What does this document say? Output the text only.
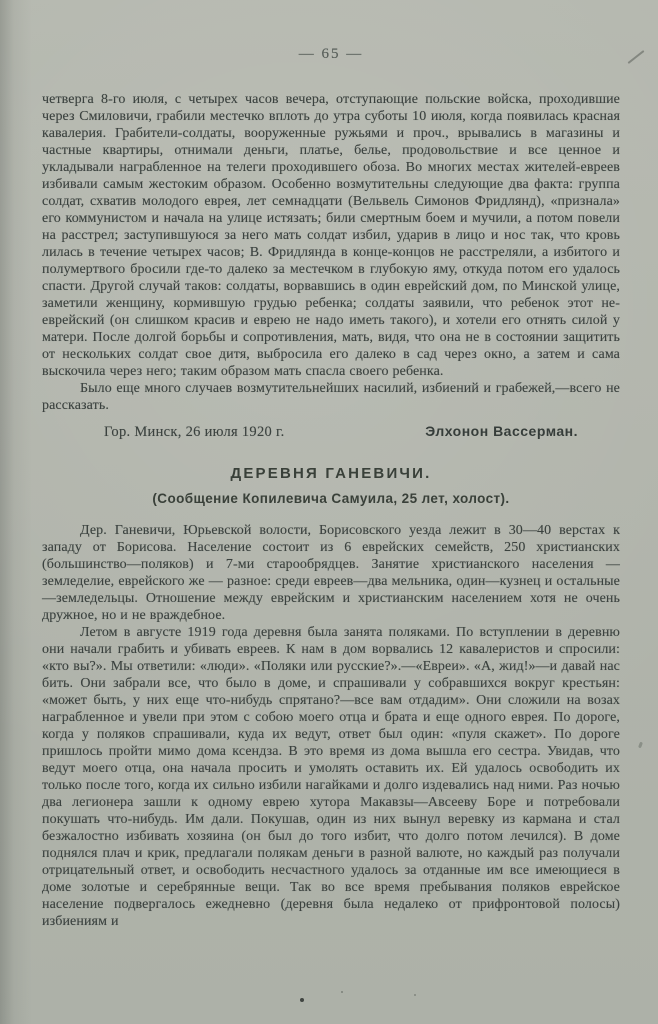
— 65 —

четверга 8-го июля, с четырех часов вечера, отступающие польские войска, проходившие через Смиловичи, грабили местечко вплоть до утра суботы 10 июля, когда появилась красная кавалерия. Грабители-солдаты, вооруженные ружьями и проч., врывались в магазины и частные квартиры, отнимали деньги, платье, белье, продовольствие и все ценное и укладывали награбленное на телеги проходившего обоза. Во многих местах жителей-евреев избивали самым жестоким образом. Особенно возмутительны следующие два факта: группа солдат, схватив молодого еврея, лет семнадцати (Вельвель Симонов Фридлянд), «признала» его коммунистом и начала на улице истязать; били смертным боем и мучили, а потом повели на расстрел; заступившуюся за него мать солдат избил, ударив в лицо и нос так, что кровь лилась в течение четырех часов; В. Фридлянда в конце-концов не расстреляли, а избитого и полумертвого бросили где-то далеко за местечком в глубокую яму, откуда потом его удалось спасти. Другой случай таков: солдаты, ворвавшись в один еврейский дом, по Минской улице, заметили женщину, кормившую грудью ребенка; солдаты заявили, что ребенок этот не-еврейский (он слишком красив и еврею не надо иметь такого), и хотели его отнять силой у матери. После долгой борьбы и сопротивления, мать, видя, что она не в состоянии защитить от нескольких солдат свое дитя, выбросила его далеко в сад через окно, а затем и сама выскочила через него; таким образом мать спасла своего ребенка.

Было еще много случаев возмутительнейших насилий, избиений и грабежей,—всего не рассказать.

Гор. Минск, 26 июля 1920 г.	Элхонон Вассерман.
ДЕРЕВНЯ ГАНЕВИЧИ.
(Сообщение Копилевича Самуила, 25 лет, холост).

Дер. Ганевичи, Юрьевской волости, Борисовского уезда лежит в 30—40 верстах к западу от Борисова. Население состоит из 6 еврейских семейств, 250 христианских (большинство—поляков) и 7-ми старообрядцев. Занятие христианского населения — земледелие, еврейского же — разное: среди евреев—два мельника, один—кузнец и остальные—земледельцы. Отношение между еврейским и христианским населением хотя не очень дружное, но и не враждебное.

Летом в августе 1919 года деревня была занята поляками. По вступлении в деревню они начали грабить и убивать евреев. К нам в дом ворвались 12 кавалеристов и спросили: «кто вы?». Мы ответили: «люди». «Поляки или русские?».—«Евреи». «А, жид!»—и давай нас бить. Они забрали все, что было в доме, и спрашивали у собравшихся вокруг крестьян: «может быть, у них еще что-нибудь спрятано?—все вам отдадим». Они сложили на возах награбленное и увели при этом с собою моего отца и брата и еще одного еврея. По дороге, когда у поляков спрашивали, куда их ведут, ответ был один: «пуля скажет». По дороге пришлось пройти мимо дома ксендза. В это время из дома вышла его сестра. Увидав, что ведут моего отца, она начала просить и умолять оставить их. Ей удалось освободить их только после того, когда их сильно избили нагайками и долго издевались над ними. Раз ночью два легионера зашли к одному еврею хутора Макавзы—Авсееву Боре и потребовали покушать что-нибудь. Им дали. Покушав, один из них вынул веревку из кармана и стал безжалостно избивать хозяина (он был до того избит, что долго потом лечился). В доме поднялся плач и крик, предлагали полякам деньги в разной валюте, но каждый раз получали отрицательный ответ, и освободить несчастного удалось за отданные им все имеющиеся в доме золотые и серебрянные вещи. Так во все время пребывания поляков еврейское население подвергалось ежедневно (деревня была недалеко от прифронтовой полосы) избиениям и
